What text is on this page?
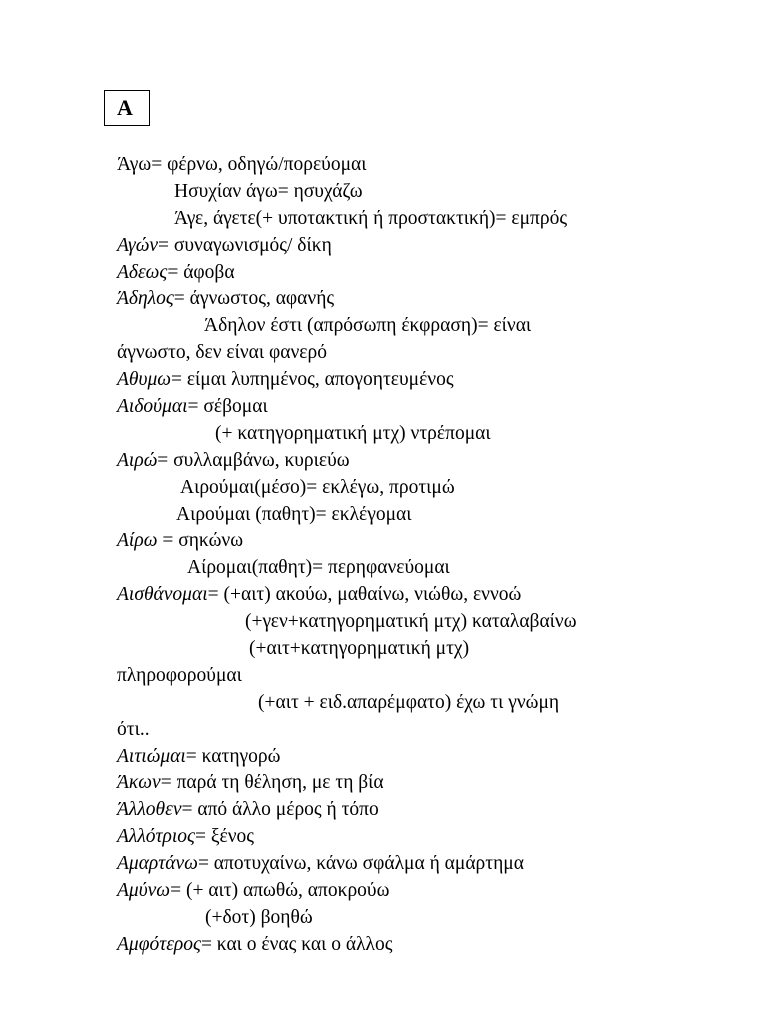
Α
Άγω= φέρνω, οδηγώ/πορεύομαι
Ησυχίαν άγω= ησυχάζω
Άγε, άγετε(+ υποτακτική ή προστακτική)= εμπρός
Αγών= συναγωνισμός/ δίκη
Αδεως= άφοβα
Άδηλος= άγνωστος, αφανής
Άδηλον έστι (απρόσωπη έκφραση)= είναι
άγνωστο, δεν είναι φανερό
Αθυμω= είμαι λυπημένος, απογοητευμένος
Αιδούμαι= σέβομαι
(+ κατηγορηματική μτχ) ντρέπομαι
Αιρώ= συλλαμβάνω, κυριεύω
Αιρούμαι(μέσο)= εκλέγω, προτιμώ
Αιρούμαι (παθητ)= εκλέγομαι
Αίρω = σηκώνω
Αίρομαι(παθητ)= περηφανεύομαι
Αισθάνομαι= (+αιτ) ακούω, μαθαίνω, νιώθω, εννοώ
(+γεν+κατηγορηματική μτχ) καταλαβαίνω
(+αιτ+κατηγορηματική μτχ)
πληροφορούμαι
(+αιτ + ειδ.απαρέμφατο) έχω τι γνώμη
ότι..
Αιτιώμαι= κατηγορώ
Άκων= παρά τη θέληση, με τη βία
Άλλοθεν= από άλλο μέρος ή τόπο
Αλλότριος= ξένος
Αμαρτάνω= αποτυχαίνω, κάνω σφάλμα ή αμάρτημα
Αμύνω= (+ αιτ) απωθώ, αποκρούω
(+δοτ) βοηθώ
Αμφότερος= και ο ένας και ο άλλος
